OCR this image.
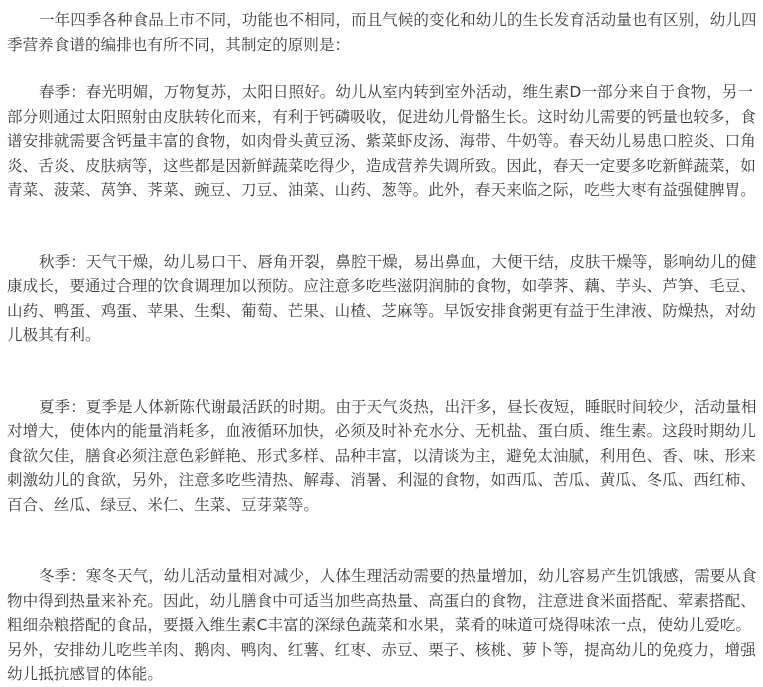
一年四季各种食品上市不同，功能也不相同，而且气候的变化和幼儿的生长发育活动量也有区别，幼儿四季营养食谱的编排也有所不同，其制定的原则是：

春季：春光明媚，万物复苏，太阳日照好。幼儿从室内转到室外活动，维生素D一部分来自于食物，另一部分则通过太阳照射由皮肤转化而来，有利于钙磷吸收，促进幼儿骨骼生长。这时幼儿需要的钙量也较多，食谱安排就需要含钙量丰富的食物，如肉骨头黄豆汤、紫菜虾皮汤、海带、牛奶等。春天幼儿易患口腔炎、口角炎、舌炎、皮肤病等，这些都是因新鲜蔬菜吃得少，造成营养失调所致。因此，春天一定要多吃新鲜蔬菜，如青菜、菠菜、莴笋、荠菜、豌豆、刀豆、油菜、山药、葱等。此外，春天来临之际，吃些大枣有益强健脾胃。

秋季：天气干燥，幼儿易口干、唇角开裂，鼻腔干燥，易出鼻血，大便干结，皮肤干燥等，影响幼儿的健康成长，要通过合理的饮食调理加以预防。应注意多吃些滋阴润肺的食物，如荸荠、藕、芋头、芦笋、毛豆、山药、鸭蛋、鸡蛋、苹果、生梨、葡萄、芒果、山楂、芝麻等。早饭安排食粥更有益于生津液、防燥热，对幼儿极其有利。

夏季：夏季是人体新陈代谢最活跃的时期。由于天气炎热，出汗多，昼长夜短，睡眠时间较少，活动量相对增大，使体内的能量消耗多，血液循环加快，必须及时补充水分、无机盐、蛋白质、维生素。这段时期幼儿食欲欠佳，膳食必须注意色彩鲜艳、形式多样、品种丰富，以清谈为主，避免太油腻，利用色、香、味、形来刺激幼儿的食欲，另外，注意多吃些清热、解毒、消暑、利湿的食物，如西瓜、苦瓜、黄瓜、冬瓜、西红柿、百合、丝瓜、绿豆、米仁、生菜、豆芽菜等。

冬季：寒冬天气，幼儿活动量相对减少，人体生理活动需要的热量增加，幼儿容易产生饥饿感，需要从食物中得到热量来补充。因此，幼儿膳食中可适当加些高热量、高蛋白的食物，注意进食米面搭配、荤素搭配、粗细杂粮搭配的食品，要摄入维生素C丰富的深绿色蔬菜和水果，菜肴的味道可烧得味浓一点，使幼儿爱吃。另外，安排幼儿吃些羊肉、鹅肉、鸭肉、红薯、红枣、赤豆、栗子、核桃、萝卜等，提高幼儿的免疫力，增强幼儿抵抗感冒的体能。
